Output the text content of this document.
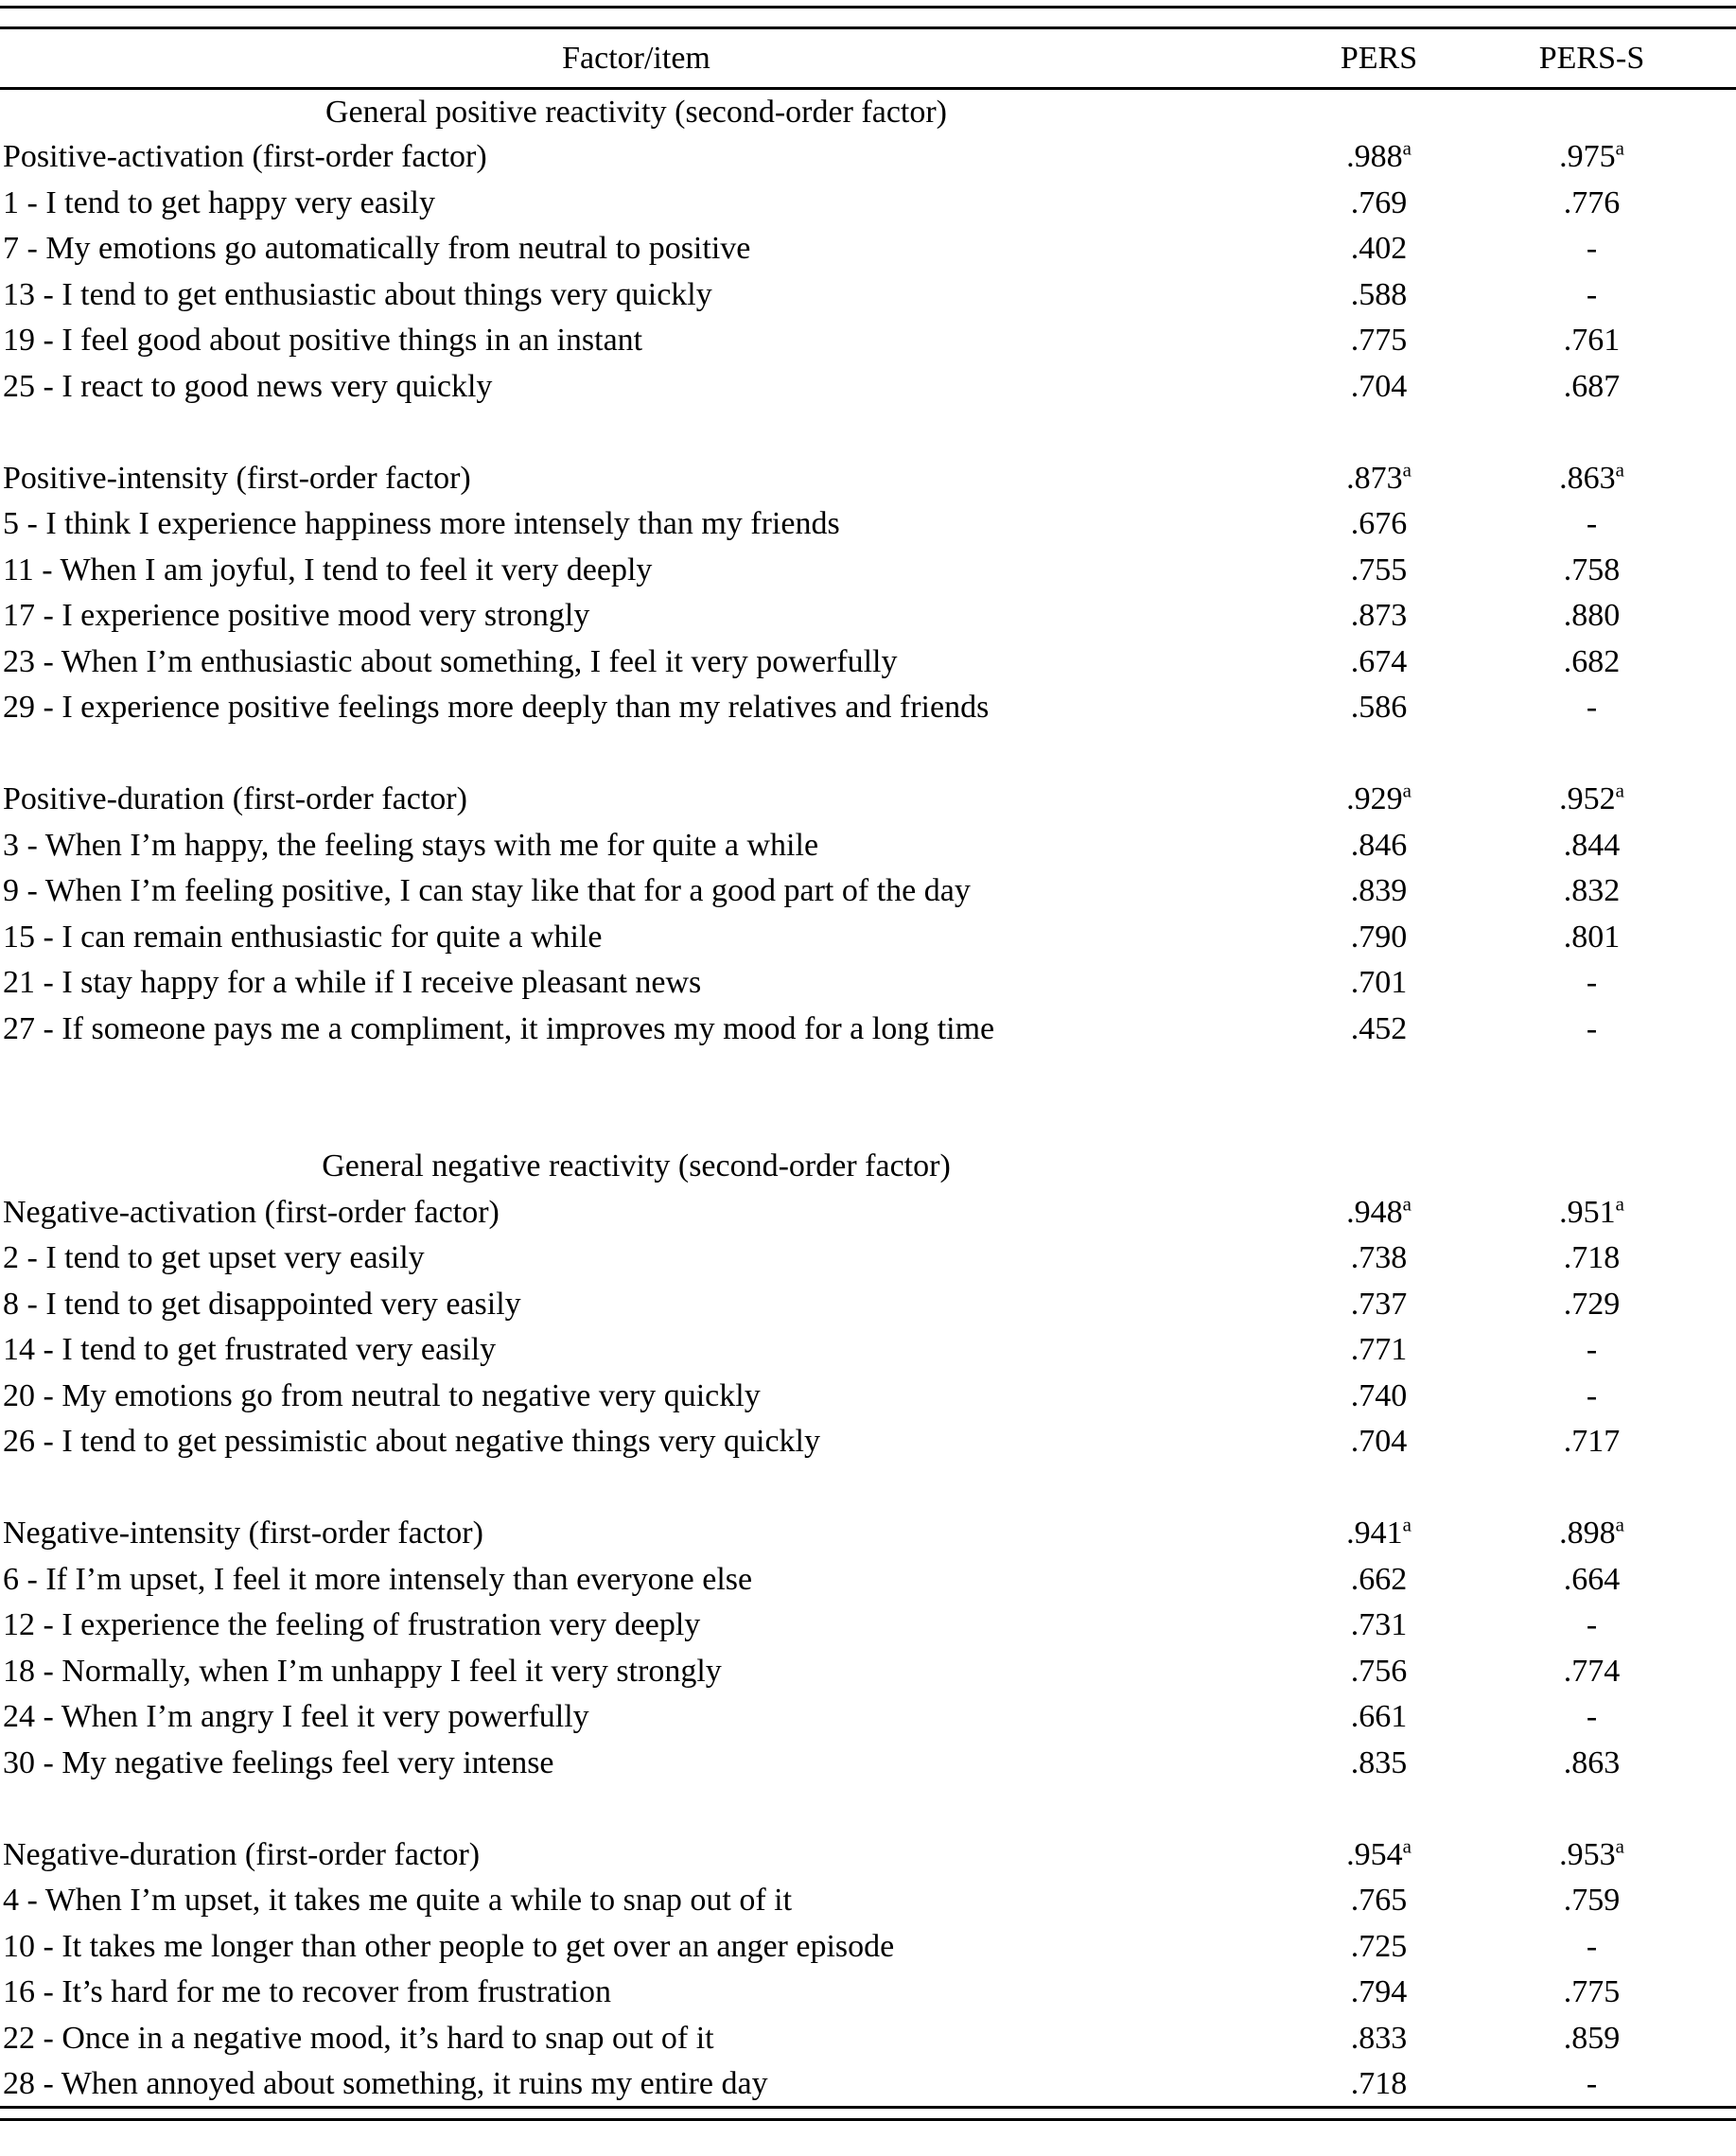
Factor/item	PERS	PERS-S
General positive reactivity (second-order factor)		
Positive-activation (first-order factor)	.988$^a$	.975$^a$
1 - I tend to get happy very easily	.769	.776
7 - My emotions go automatically from neutral to positive	.402	-
13 - I tend to get enthusiastic about things very quickly	.588	-
19 - I feel good about positive things in an instant	.775	.761
25 - I react to good news very quickly	.704	.687

Positive-intensity (first-order factor)	.873$^a$	.863$^a$
5 - I think I experience happiness more intensely than my friends	.676	-
11 - When I am joyful, I tend to feel it very deeply	.755	.758
17 - I experience positive mood very strongly	.873	.880
23 - When I’m enthusiastic about something, I feel it very powerfully	.674	.682
29 - I experience positive feelings more deeply than my relatives and friends	.586	-

Positive-duration (first-order factor)	.929$^a$	.952$^a$
3 - When I’m happy, the feeling stays with me for quite a while	.846	.844
9 - When I’m feeling positive, I can stay like that for a good part of the day	.839	.832
15 - I can remain enthusiastic for quite a while	.790	.801
21 - I stay happy for a while if I receive pleasant news	.701	-
27 - If someone pays me a compliment, it improves my mood for a long time	.452	-

General negative reactivity (second-order factor)		
Negative-activation (first-order factor)	.948$^a$	.951$^a$
2 - I tend to get upset very easily	.738	.718
8 - I tend to get disappointed very easily	.737	.729
14 - I tend to get frustrated very easily	.771	-
20 - My emotions go from neutral to negative very quickly	.740	-
26 - I tend to get pessimistic about negative things very quickly	.704	.717

Negative-intensity (first-order factor)	.941$^a$	.898$^a$
6 - If I’m upset, I feel it more intensely than everyone else	.662	.664
12 - I experience the feeling of frustration very deeply	.731	-
18 - Normally, when I’m unhappy I feel it very strongly	.756	.774
24 - When I’m angry I feel it very powerfully	.661	-
30 - My negative feelings feel very intense	.835	.863

Negative-duration (first-order factor)	.954$^a$	.953$^a$
4 - When I’m upset, it takes me quite a while to snap out of it	.765	.759
10 - It takes me longer than other people to get over an anger episode	.725	-
16 - It’s hard for me to recover from frustration	.794	.775
22 - Once in a negative mood, it’s hard to snap out of it	.833	.859
28 - When annoyed about something, it ruins my entire day	.718	-
